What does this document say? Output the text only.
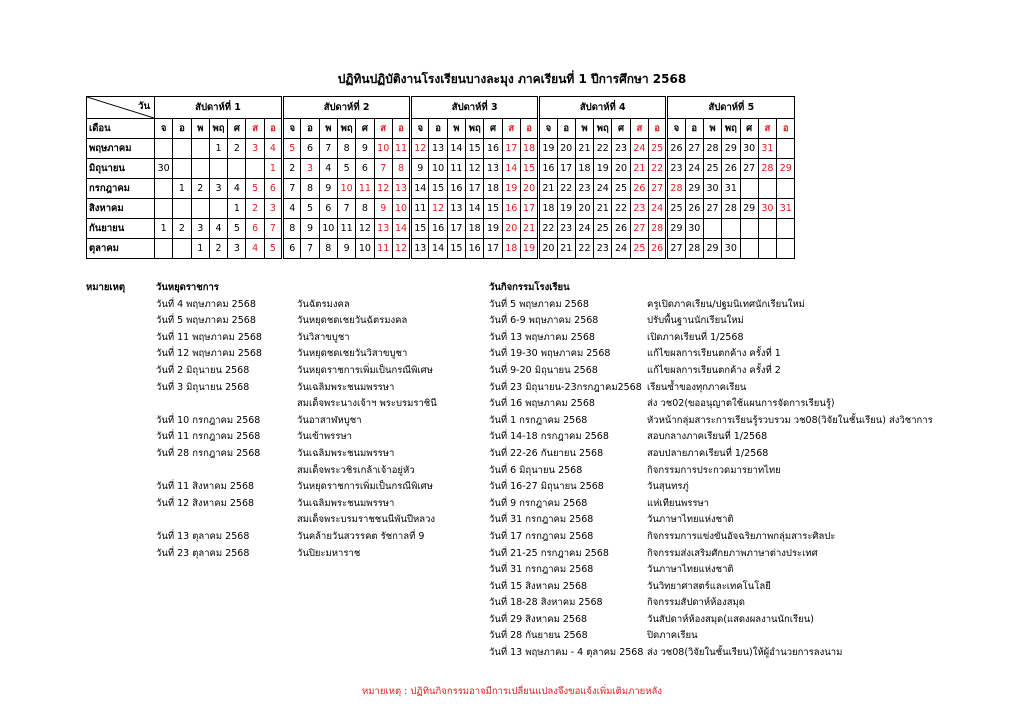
ปฏิทินปฏิบัติงานโรงเรียนบางละมุง ภาคเรียนที่ 1 ปีการศึกษา 2568
วัน	สัปดาห์ที่ 1							สัปดาห์ที่ 2							สัปดาห์ที่ 3							สัปดาห์ที่ 4							สัปดาห์ที่ 5						
เดือน	จ	อ	พ	พฤ	ศ	ส	อ	จ	อ	พ	พฤ	ศ	ส	อ	จ	อ	พ	พฤ	ศ	ส	อ	จ	อ	พ	พฤ	ศ	ส	อ	จ	อ	พ	พฤ	ศ	ส	อ
พฤษภาคม				1	2	3	4	5	6	7	8	9	10	11	12	13	14	15	16	17	18	19	20	21	22	23	24	25	26	27	28	29	30	31	
มิถุนายน	30						1	2	3	4	5	6	7	8	9	10	11	12	13	14	15	16	17	18	19	20	21	22	23	24	25	26	27	28	29
กรกฎาคม		1	2	3	4	5	6	7	8	9	10	11	12	13	14	15	16	17	18	19	20	21	22	23	24	25	26	27	28	29	30	31			
สิงหาคม					1	2	3	4	5	6	7	8	9	10	11	12	13	14	15	16	17	18	19	20	21	22	23	24	25	26	27	28	29	30	31
กันยายน	1	2	3	4	5	6	7	8	9	10	11	12	13	14	15	16	17	18	19	20	21	22	23	24	25	26	27	28	29	30					
ตุลาคม			1	2	3	4	5	6	7	8	9	10	11	12	13	14	15	16	17	18	19	20	21	22	23	24	25	26	27	28	29	30			
หมายเหตุ	วันหยุดราชการ
วันที่ 4 พฤษภาคม 2568	วันฉัตรมงคล
วันที่ 5 พฤษภาคม 2568	วันหยุดชดเชยวันฉัตรมงคล
วันที่ 11 พฤษภาคม 2568	วันวิสาขบูชา
วันที่ 12 พฤษภาคม 2568	วันหยุดชดเชยวันวิสาขบูชา
วันที่ 2 มิถุนายน 2568	วันหยุดราชการเพิ่มเป็นกรณีพิเศษ
วันที่ 3 มิถุนายน 2568	วันเฉลิมพระชนมพรรษา
สมเด็จพระนางเจ้าฯ พระบรมราชินี
วันที่ 10 กรกฎาคม 2568	วันอาสาฬหบูชา
วันที่ 11 กรกฎาคม 2568	วันเข้าพรรษา
วันที่ 28 กรกฎาคม 2568	วันเฉลิมพระชนมพรรษา
สมเด็จพระวชิรเกล้าเจ้าอยู่หัว
วันที่ 11 สิงหาคม 2568	วันหยุดราชการเพิ่มเป็นกรณีพิเศษ
วันที่ 12 สิงหาคม 2568	วันเฉลิมพระชนมพรรษา
สมเด็จพระบรมราชชนนีพันปีหลวง
วันที่ 13 ตุลาคม 2568	วันคล้ายวันสวรรคต รัชกาลที่ 9
วันที่ 23 ตุลาคม 2568	วันปิยะมหาราช
วันกิจกรรมโรงเรียน
วันที่ 5 พฤษภาคม 2568	ครูเปิดภาคเรียน/ปฐมนิเทศนักเรียนใหม่
วันที่ 6-9 พฤษภาคม 2568	ปรับพื้นฐานนักเรียนใหม่
วันที่ 13 พฤษภาคม 2568	เปิดภาคเรียนที่ 1/2568
วันที่ 19-30 พฤษภาคม 2568	แก้ไขผลการเรียนตกค้าง ครั้งที่ 1
วันที่ 9-20 มิถุนายน 2568	แก้ไขผลการเรียนตกค้าง ครั้งที่ 2
วันที่ 23 มิถุนายน-23กรกฎาคม2568 เรียนซ้ำของทุกภาคเรียน
วันที่ 16 พฤษภาคม 2568	ส่ง วช02(ขออนุญาตใช้แผนการจัดการเรียนรู้)
วันที่ 1 กรกฎาคม 2568	หัวหน้ากลุ่มสาระการเรียนรู้รวบรวม วช08(วิจัยในชั้นเรียน) ส่งวิชาการ
วันที่ 14-18 กรกฎาคม 2568	สอบกลางภาคเรียนที่ 1/2568
วันที่ 22-26 กันยายน 2568	สอบปลายภาคเรียนที่ 1/2568
วันที่ 6 มิถุนายน 2568	กิจกรรมการประกวดมารยาทไทย
วันที่ 16-27 มิถุนายน 2568	วันสุนทรภู่
วันที่ 9 กรกฎาคม 2568	แห่เทียนพรรษา
วันที่ 31 กรกฎาคม 2568	วันภาษาไทยแห่งชาติ
วันที่ 17 กรกฎาคม 2568	กิจกรรมการแข่งขันอัจฉริยภาพกลุ่มสาระศิลปะ
วันที่ 21-25 กรกฎาคม 2568	กิจกรรมส่งเสริมศักยภาพภาษาต่างประเทศ
วันที่ 31 กรกฎาคม 2568	วันภาษาไทยแห่งชาติ
วันที่ 15 สิงหาคม 2568	วันวิทยาศาสตร์และเทคโนโลยี
วันที่ 18-28 สิงหาคม 2568	กิจกรรมสัปดาห์ห้องสมุด
วันที่ 29 สิงหาคม 2568	วันสัปดาห์ห้องสมุด(แสดงผลงานนักเรียน)
วันที่ 28 กันยายน 2568	ปิดภาคเรียน
วันที่ 13 พฤษภาคม - 4 ตุลาคม 2568 ส่ง วช08(วิจัยในชั้นเรียน)ให้ผู้อำนวยการลงนาม
หมายเหตุ : ปฏิทินกิจกรรมอาจมีการเปลี่ยนแปลงจึงขอแจ้งเพิ่มเติมภายหลัง
